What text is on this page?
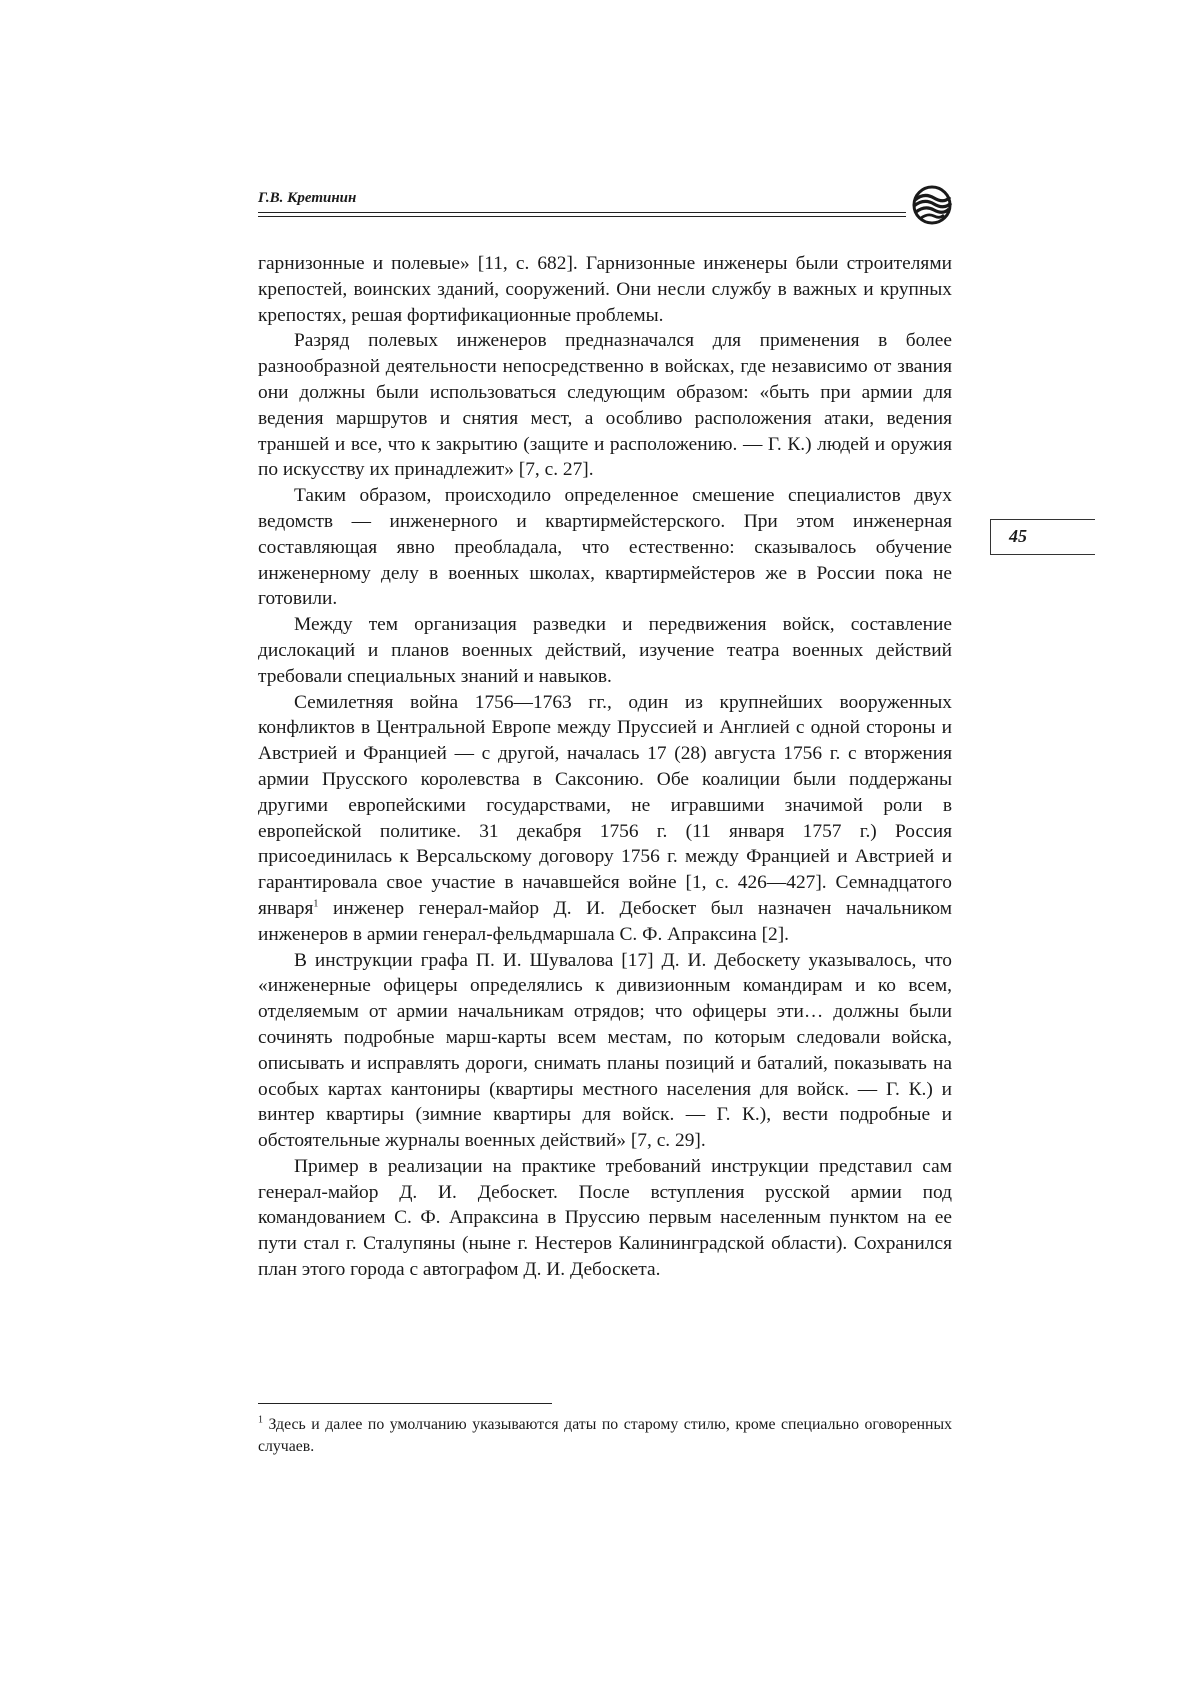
Г.В. Кретинин
45

гарнизонные и полевые» [11, с. 682]. Гарнизонные инженеры были строителями крепостей, воинских зданий, сооружений. Они несли службу в важных и крупных крепостях, решая фортификационные проблемы.

Разряд полевых инженеров предназначался для применения в более разнообразной деятельности непосредственно в войсках, где независимо от звания они должны были использоваться следующим образом: «быть при армии для ведения маршрутов и снятия мест, а особливо расположения атаки, ведения траншей и все, что к закрытию (защите и расположению. — Г. К.) людей и оружия по искусству их принадлежит» [7, с. 27].

Таким образом, происходило определенное смешение специалистов двух ведомств — инженерного и квартирмейстерского. При этом инженерная составляющая явно преобладала, что естественно: сказывалось обучение инженерному делу в военных школах, квартирмейстеров же в России пока не готовили.

Между тем организация разведки и передвижения войск, составление дислокаций и планов военных действий, изучение театра военных действий требовали специальных знаний и навыков.

Семилетняя война 1756—1763 гг., один из крупнейших вооруженных конфликтов в Центральной Европе между Пруссией и Англией с одной стороны и Австрией и Францией — с другой, началась 17 (28) августа 1756 г. с вторжения армии Прусского королевства в Саксонию. Обе коалиции были поддержаны другими европейскими государствами, не игравшими значимой роли в европейской политике. 31 декабря 1756 г. (11 января 1757 г.) Россия присоединилась к Версальскому договору 1756 г. между Францией и Австрией и гарантировала свое участие в начавшейся войне [1, с. 426—427]. Семнадцатого января$^1$ инженер генерал-майор Д. И. Дебоскет был назначен начальником инженеров в армии генерал-фельдмаршала С. Ф. Апраксина [2].

В инструкции графа П. И. Шувалова [17] Д. И. Дебоскету указывалось, что «инженерные офицеры определялись к дивизионным командирам и ко всем, отделяемым от армии начальникам отрядов; что офицеры эти… должны были сочинять подробные марш-карты всем местам, по которым следовали войска, описывать и исправлять дороги, снимать планы позиций и баталий, показывать на особых картах кантониры (квартиры местного населения для войск. — Г. К.) и винтер квартиры (зимние квартиры для войск. — Г. К.), вести подробные и обстоятельные журналы военных действий» [7, с. 29].

Пример в реализации на практике требований инструкции представил сам генерал-майор Д. И. Дебоскет. После вступления русской армии под командованием С. Ф. Апраксина в Пруссию первым населенным пунктом на ее пути стал г. Сталупяны (ныне г. Нестеров Калининградской области). Сохранился план этого города с автографом Д. И. Дебоскета.

$^1$ Здесь и далее по умолчанию указываются даты по старому стилю, кроме специально оговоренных случаев.
